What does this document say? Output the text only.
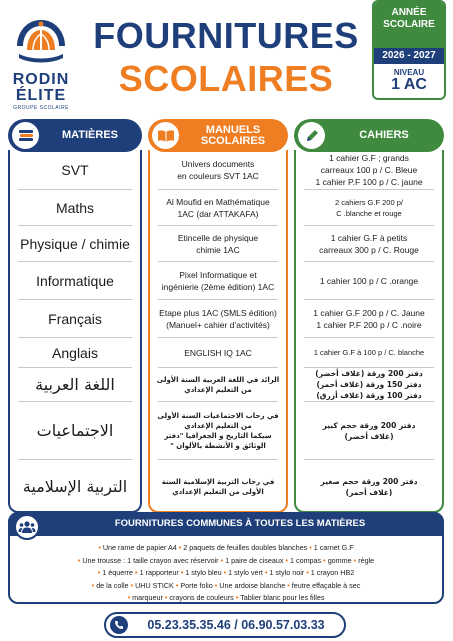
RODIN
ÉLITE
GROUPE SCOLAIRE
FOURNITURES
SCOLAIRES
ANNÉE
SCOLAIRE
2026 - 2027
NIVEAU
1 AC
MATIÈRES	MANUELS
SCOLAIRES	CAHIERS
SVT
Maths
Physique / chimie
Informatique
Français
Anglais
اللغة العربية
الاجتماعيات
التربية الإسلامية
Univers documents
en couleurs SVT 1AC
Al Moufid en Mathématique
1AC (dar ATTAKAFA)
Etincelle de physique
chimie 1AC
Pixel Informatique et
ingénierie (2ème édition) 1AC
Etape plus 1AC (SMLS édition)
(Manuel+ cahier d’activités)
ENGLISH IQ 1AC
الرائد في اللغة العربية السنة الأولى
من التعليم الإعدادي
في رحاب الاجتماعيات السنة الأولى
من التعليم الإعدادي
سيكما التاريخ و الجغرافيا "دفتر
الوثائق و الأنشطة بالألوان "
في رحاب التربية الإسلامية السنة
الأولى من التعليم الإعدادي
1 cahier G.F ; grands
carreaux 100 p / C. Bleue
1 cahier P.F 100 p / C. jaune
2 cahiers G.F 200 p/
C .blanche et rouge
1 cahier G.F à petits
carreaux 300 p / C. Rouge
1 cahier 100 p / C .orange
1 cahier G.F 200 p / C. Jaune
1 cahier P.F 200 p / C .noire
1 cahier G.F à 100 p / C. blanche
دفتر 200 ورقة (غلاف أخضر)
دفتر 150 ورقة (غلاف أحمر)
دفتر 100 ورقة (غلاف أزرق)
دفتر 200 ورقة حجم كبير
(غلاف أخضر)
دفتر 200 ورقة حجم صغير
(غلاف أحمر)
FOURNITURES COMMUNES À TOUTES LES MATIÈRES
• Une rame de papier A4 • 2 paquets de feuilles doubles blanches • 1 carnet G.F
• Une trousse : 1 taille crayon avec réservoir • 1 paire de ciseaux • 1 compas • gomme • règle
• 1 équerre • 1 rapporteur • 1 stylo bleu • 1 stylo vert • 1 stylo noir • 1 crayon HB2
• de la colle • UHU STICK • Porte folio • Une ardoise blanche • feutre effaçable à sec
• marqueur • crayons de couleurs • Tablier blanc pour les filles
05.23.35.35.46 / 06.90.57.03.33
